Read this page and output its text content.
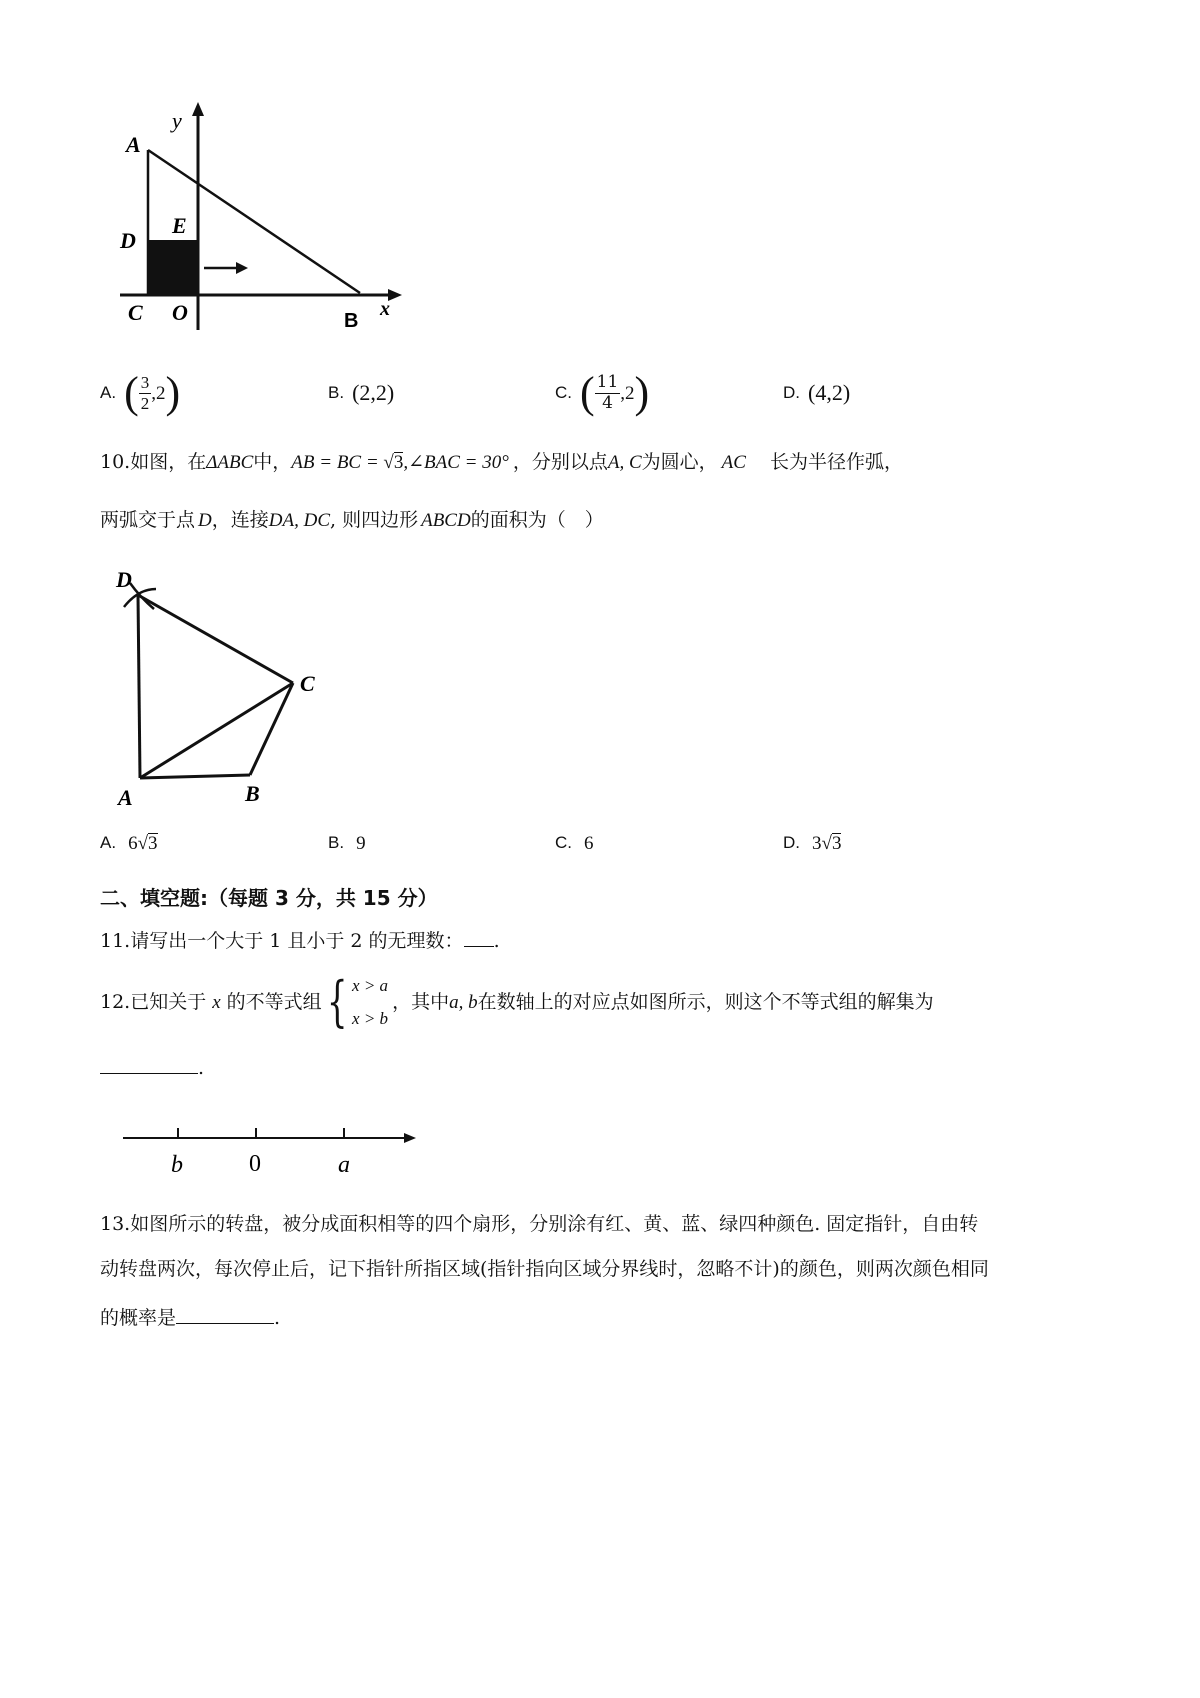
A
y
D
E
C O	B
x
A. ( $\frac{3}{2} ,2$ )	B. (2,2)	C. ( $\frac{11}{4} ,2$ )	D. (4,2)
10.如图，在 ΔABC 中， AB = BC = √ 3 ,∠BAC = 30° ，分别以点 A, C 为圆心， AC 长为半径作弧，
两弧交于点 D ，连接 DA, DC , 则四边形 ABCD 的面积为（　）
D
C
A	B
A. 6 √ 3	B. 9	C. 6	D. 3 √ 3
二、填空题:（每题 3 分，共 15 分）
11.请写出一个大于 1 且小于 2 的无理数： .
12.已知关于 x 的不等式组 { x > a
x > b
，其中 a, b 在数轴上的对应点如图所示，则这个不等式组的解集为
.
b	0	a
13.如图所示的转盘，被分成面积相等的四个扇形，分别涂有红、黄、蓝、绿四种颜色. 固定指针，自由转
动转盘两次，每次停止后，记下指针所指区域(指针指向区域分界线时，忽略不计)的颜色，则两次颜色相同
的概率是	.
